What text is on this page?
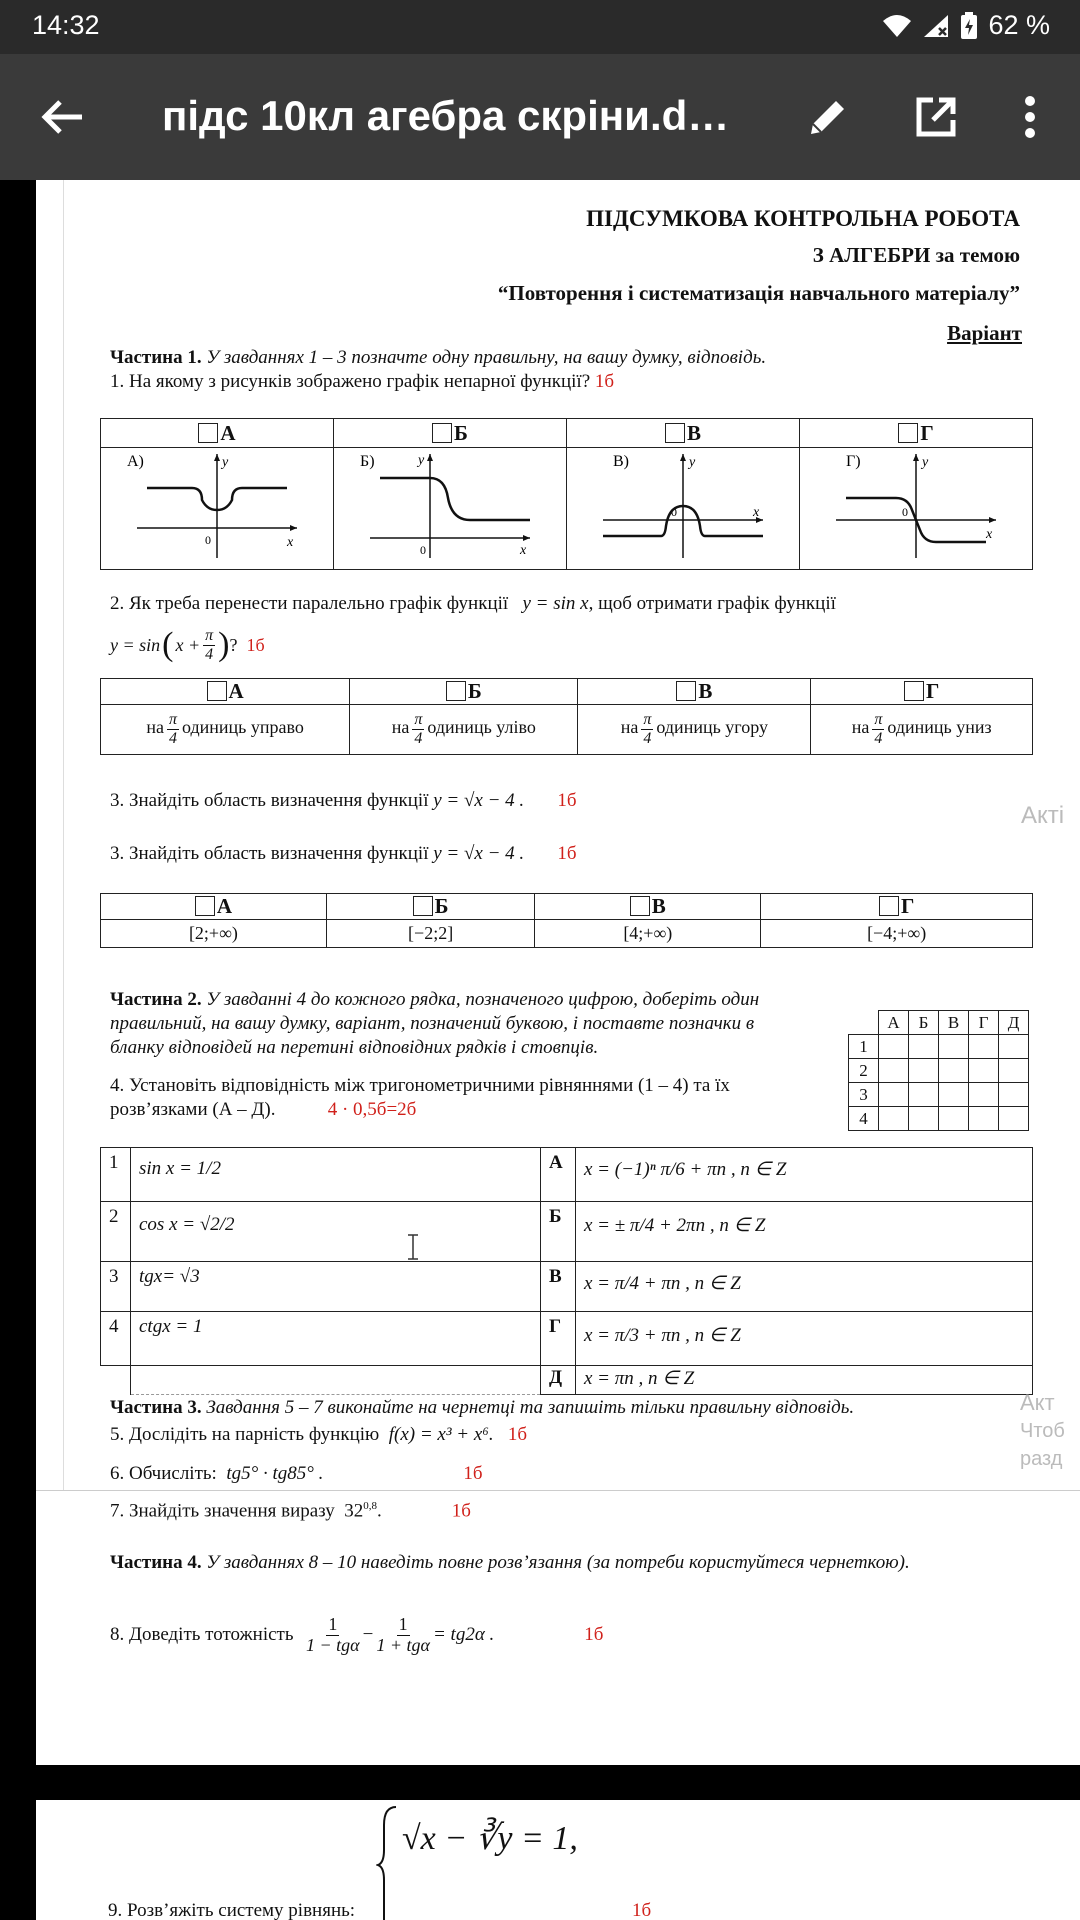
14:32	62 %
підс 10кл агебра скріни.d…
ПІДСУМКОВА КОНТРОЛЬНА РОБОТА
З АЛГЕБРИ за темою
“Повторення і систематизація навчального матеріалу”
Варіант
Частина 1. У завданнях 1 – 3 позначте одну правильну, на вашу думку, відповідь.
1. На якому з рисунків зображено графік непарної функції? 1б
А	Б	В	Г

А) y
x
0	Б) y
x
0	В) y
x
0	Г) y
x
0
2. Як треба перенести паралельно графік функції y = sin x, щоб отримати графік функції
y = sin ( $x + \frac{\pi}{4}$ ) ?
1б
А	Б	В	Г
на $\frac{\pi}{4}$ одиниць управо	на $\frac{\pi}{4}$ одиниць уліво	на $\frac{\pi}{4}$ одиниць угору	на $\frac{\pi}{4}$ одиниць униз
3. Знайдіть область визначення функції y = √x − 4 . 1б
Акті
3. Знайдіть область визначення функції y = √x − 4 . 1б
А	Б	В	Г
[2;+∞)	[−2;2]	[4;+∞)	[−4;+∞)
Частина 2. У завданні 4 до кожного рядка, позначеного цифрою, доберіть один
правильний, на вашу думку, варіант, позначений буквою, і поставте позначки в
бланку відповідей на перетині відповідних рядків і стовпців.
	А	Б	В	Г	Д
1					
2					
3					
4					
4. Установіть відповідність між тригонометричними рівняннями (1 – 4) та їх
розв’язками (А – Д).	4 · 0,5б=2б
1	sin x = 1/2	А	x = (−1)ⁿ π/6 + πn , n ∈ Z
2	cos x = √2/2	Б	x = ± π/4 + 2πn , n ∈ Z
3	tgx= √3	В	x = π/4 + πn , n ∈ Z
4	ctgx = 1	Г	x = π/3 + πn , n ∈ Z
		Д	x = πn , n ∈ Z
Частина 3. Завдання 5 – 7 виконайте на чернетці та запишіть тільки правильну відповідь.	Акт
Чтоб
разд
5. Дослідіть на парність функцію f(x) = x³ + x⁶. 1б
6. Обчисліть: tg5° · tg85° .	1б
7. Знайдіть значення виразу 32$^{0,8}$.	1б
Частина 4. У завданнях 8 – 10 наведіть повне розв’язання (за потреби користуйтеся чернеткою).
8. Доведіть тотожність
$\frac{1}{\text{1 − tgα}} - \frac{1}{\text{1 + tgα}} = tg2\alpha$ .	1б
√x − ∛y = 1,
9. Розв’яжіть систему рівнянь:	1б
